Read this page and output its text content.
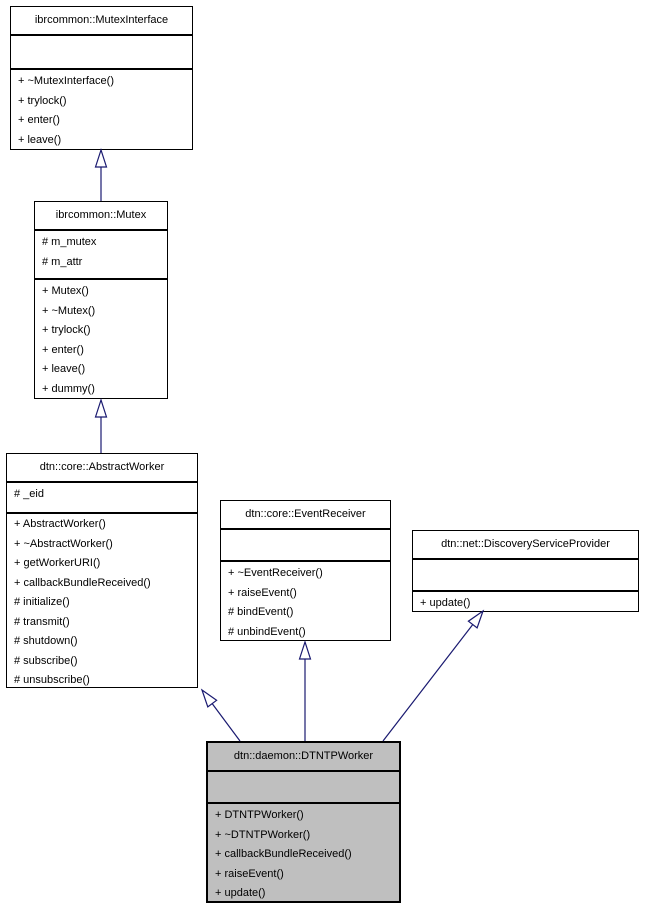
ibrcommon::MutexInterface
+ ~MutexInterface()
+ trylock()
+ enter()
+ leave()
ibrcommon::Mutex
# m_mutex
# m_attr
+ Mutex()
+ ~Mutex()
+ trylock()
+ enter()
+ leave()
+ dummy()
dtn::core::AbstractWorker
# _eid
+ AbstractWorker()
+ ~AbstractWorker()
+ getWorkerURI()
+ callbackBundleReceived()
# initialize()
# transmit()
# shutdown()
# subscribe()
# unsubscribe()
dtn::core::EventReceiver
+ ~EventReceiver()
+ raiseEvent()
# bindEvent()
# unbindEvent()
dtn::net::DiscoveryServiceProvider
+ update()
dtn::daemon::DTNTPWorker
+ DTNTPWorker()
+ ~DTNTPWorker()
+ callbackBundleReceived()
+ raiseEvent()
+ update()
